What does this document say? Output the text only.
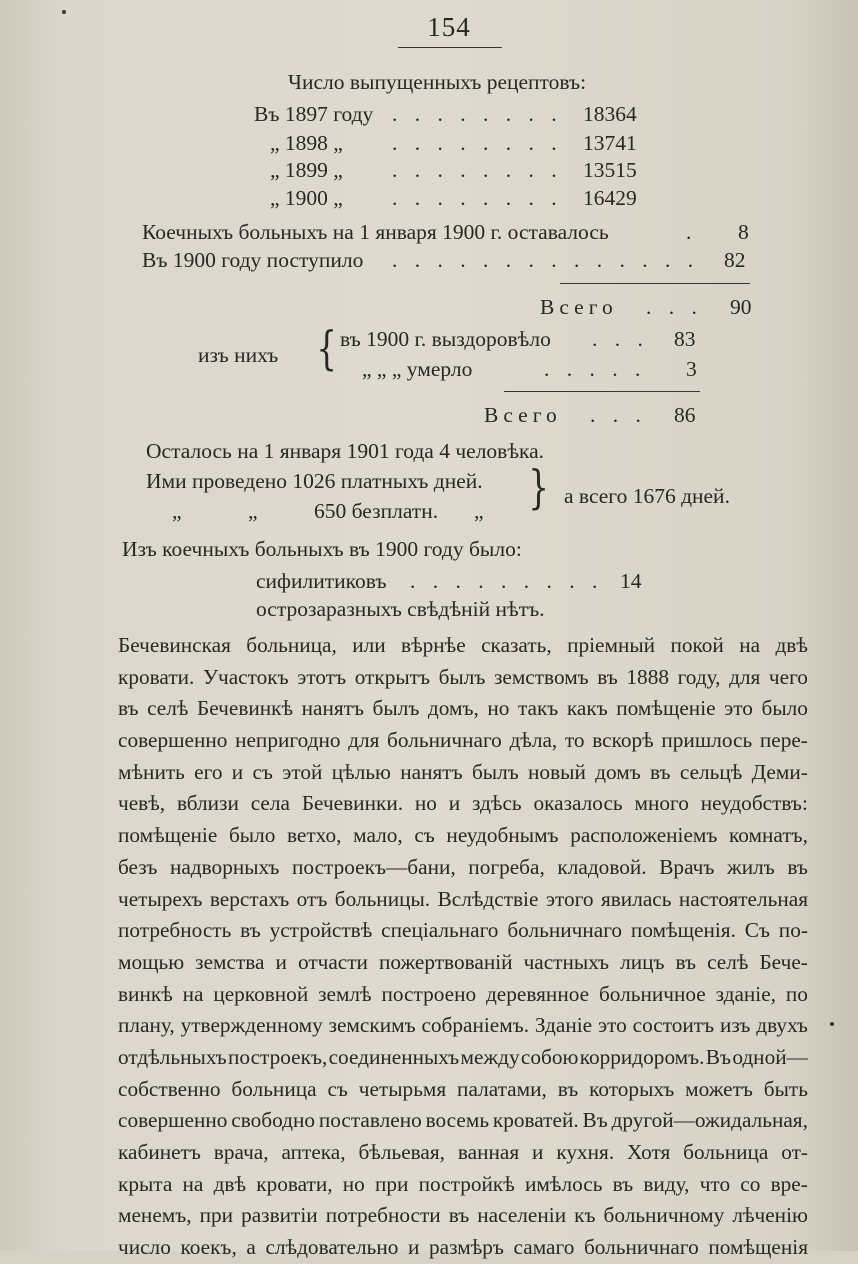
154
Число выпущенныхъ рецептовъ:
Въ 1897 году . . . . . . . . 18364
„ 1898 „ . . . . . . . . 13741
„ 1899 „ . . . . . . . . 13515
„ 1900 „ . . . . . . . . 16429
Коечныхъ больныхъ на 1 января 1900 г. оставалось	. 8
Въ 1900 году поступило . . . . . . . . . . . . . . 82
Всего . . . 90
изъ нихъ { въ 1900 г. выздоровѣло . . . 83
„ „ „ умерло	. . . . . 3
Всего . . . 86
Осталось на 1 января 1901 года 4 человѣка.
Ими проведено 1026 платныхъ дней.
„	„	650 безплатн. „ } а всего 1676 дней.
Изъ коечныхъ больныхъ въ 1900 году было:
сифилитиковъ . . . . . . . . . 14
острозаразныхъ свѣдѣній нѣтъ.
Бечевинская больница, или вѣрнѣе сказать, пріемный покой на двѣ
кровати. Участокъ этотъ открытъ былъ земствомъ въ 1888 году, для чего
въ селѣ Бечевинкѣ нанятъ былъ домъ, но такъ какъ помѣщеніе это было
совершенно непригодно для больничнаго дѣла, то вскорѣ пришлось пере-
мѣнить его и съ этой цѣлью нанятъ былъ новый домъ въ сельцѣ Деми-
чевѣ, вблизи села Бечевинки. но и здѣсь оказалось много неудобствъ:
помѣщеніе было ветхо, мало, съ неудобнымъ расположеніемъ комнатъ,
безъ надворныхъ построекъ—бани, погреба, кладовой. Врачъ жилъ въ
четырехъ верстахъ отъ больницы. Вслѣдствіе этого явилась настоятельная
потребность въ устройствѣ спеціальнаго больничнаго помѣщенія. Съ по-
мощью земства и отчасти пожертвованій частныхъ лицъ въ селѣ Бече-
винкѣ на церковной землѣ построено деревянное больничное зданіе, по
плану, утвержденному земскимъ собраніемъ. Зданіе это состоитъ изъ двухъ
отдѣльныхъ построекъ, соединенныхъ между собою корридоромъ. Въ одной—
собственно больница съ четырьмя палатами, въ которыхъ можетъ быть
совершенно свободно поставлено восемь кроватей. Въ другой—ожидальная,
кабинетъ врача, аптека, бѣльевая, ванная и кухня. Хотя больница от-
крыта на двѣ кровати, но при постройкѣ имѣлось въ виду, что со вре-
менемъ, при развитіи потребности въ населеніи къ больничному лѣченію
число коекъ, а слѣдовательно и размѣръ самаго больничнаго помѣщенія
